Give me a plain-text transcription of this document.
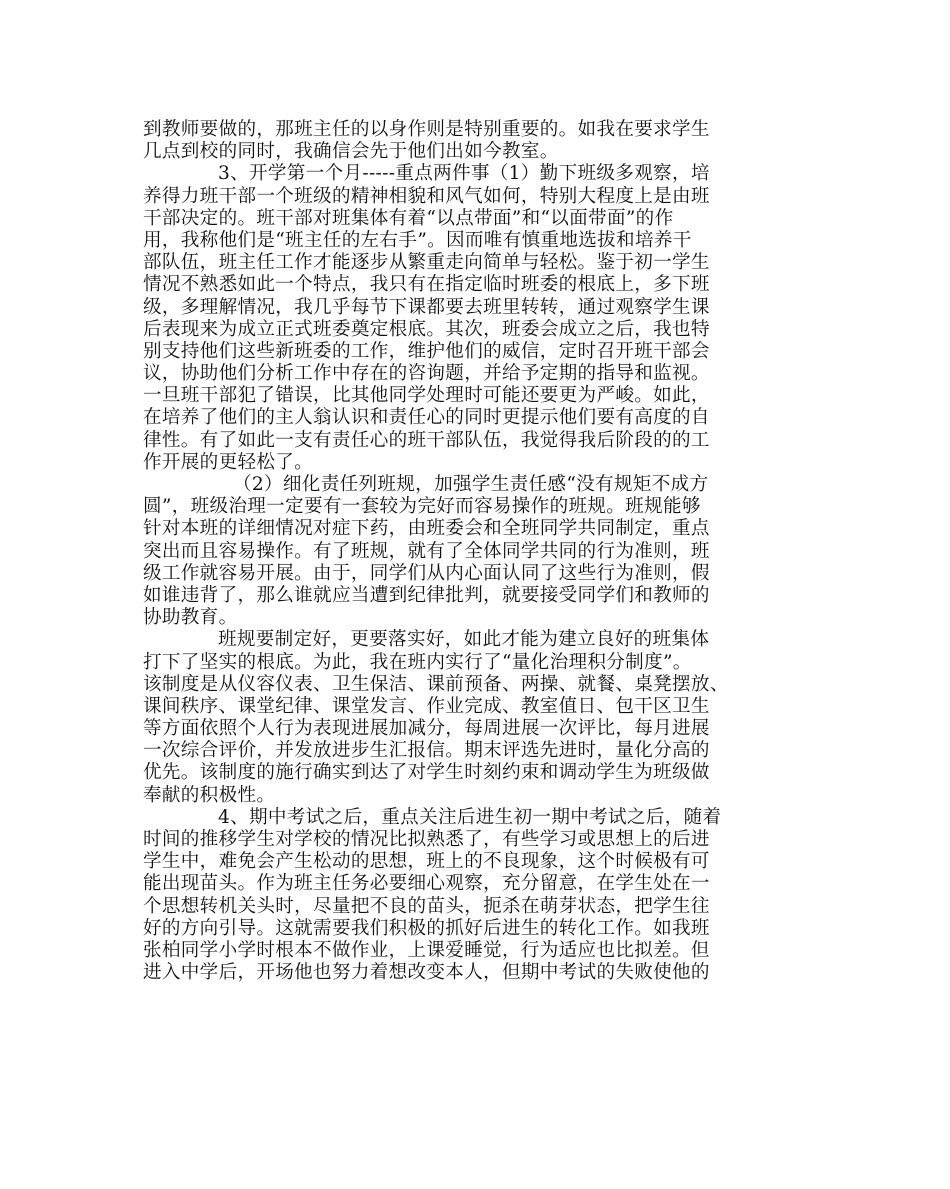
到教师要做的，那班主任的以身作则是特别重要的。如我在要求学生
几点到校的同时，我确信会先于他们出如今教室。
3、开学第一个月-----重点两件事（1）勤下班级多观察，培
养得力班干部一个班级的精神相貌和风气如何，特别大程度上是由班
干部决定的。班干部对班集体有着“以点带面”和“以面带面”的作
用，我称他们是“班主任的左右手”。因而唯有慎重地选拔和培养干
部队伍，班主任工作才能逐步从繁重走向简单与轻松。鉴于初一学生
情况不熟悉如此一个特点，我只有在指定临时班委的根底上，多下班
级，多理解情况，我几乎每节下课都要去班里转转，通过观察学生课
后表现来为成立正式班委奠定根底。其次，班委会成立之后，我也特
别支持他们这些新班委的工作，维护他们的威信，定时召开班干部会
议，协助他们分析工作中存在的咨询题，并给予定期的指导和监视。
一旦班干部犯了错误，比其他同学处理时可能还要更为严峻。如此，
在培养了他们的主人翁认识和责任心的同时更提示他们要有高度的自
律性。有了如此一支有责任心的班干部队伍，我觉得我后阶段的的工
作开展的更轻松了。
（2）细化责任列班规，加强学生责任感“没有规矩不成方
圆”，班级治理一定要有一套较为完好而容易操作的班规。班规能够
针对本班的详细情况对症下药，由班委会和全班同学共同制定，重点
突出而且容易操作。有了班规，就有了全体同学共同的行为准则，班
级工作就容易开展。由于，同学们从内心面认同了这些行为准则，假
如谁违背了，那么谁就应当遭到纪律批判，就要接受同学们和教师的
协助教育。
班规要制定好，更要落实好，如此才能为建立良好的班集体
打下了坚实的根底。为此，我在班内实行了“量化治理积分制度”。
该制度是从仪容仪表、卫生保洁、课前预备、两操、就餐、桌凳摆放、
课间秩序、课堂纪律、课堂发言、作业完成、教室值日、包干区卫生
等方面依照个人行为表现进展加减分，每周进展一次评比，每月进展
一次综合评价，并发放进步生汇报信。期末评选先进时，量化分高的
优先。该制度的施行确实到达了对学生时刻约束和调动学生为班级做
奉献的积极性。
4、期中考试之后，重点关注后进生初一期中考试之后，随着
时间的推移学生对学校的情况比拟熟悉了，有些学习或思想上的后进
学生中，难免会产生松动的思想，班上的不良现象，这个时候极有可
能出现苗头。作为班主任务必要细心观察，充分留意，在学生处在一
个思想转机关头时，尽量把不良的苗头，扼杀在萌芽状态，把学生往
好的方向引导。这就需要我们积极的抓好后进生的转化工作。如我班
张柏同学小学时根本不做作业，上课爱睡觉，行为适应也比拟差。但
进入中学后，开场他也努力着想改变本人，但期中考试的失败使他的
